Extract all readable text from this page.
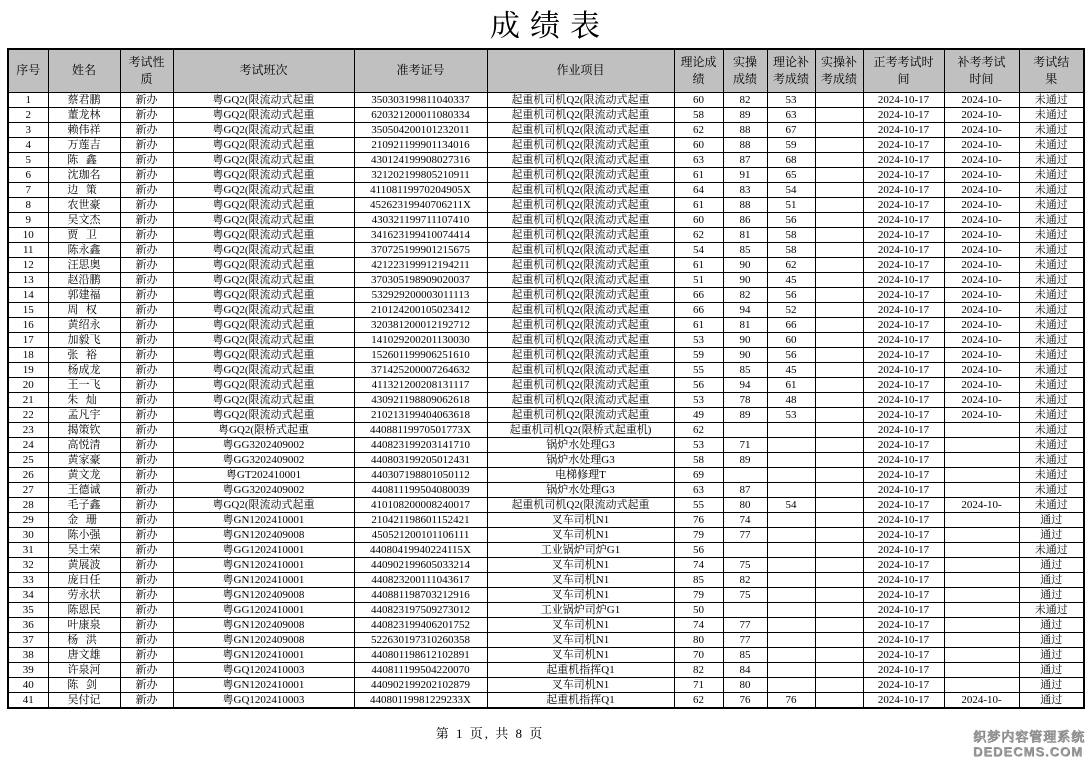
成绩表
序号	姓名	考试性质	考试班次	准考证号	作业项目	理论成绩	实操成绩	理论补考成绩	实操补考成绩	正考考试时间	补考考试时间	考试结果
1	蔡君鹏	新办	粤GQ2(限流动式起重	350303199811040337	起重机司机Q2(限流动式起重	60	82	53		2024-10-17	2024-10-	未通过
2	董龙林	新办	粤GQ2(限流动式起重	620321200011080334	起重机司机Q2(限流动式起重	58	89	63		2024-10-17	2024-10-	未通过
3	赖伟祥	新办	粤GQ2(限流动式起重	350504200101232011	起重机司机Q2(限流动式起重	62	88	67		2024-10-17	2024-10-	未通过
4	万莲吉	新办	粤GQ2(限流动式起重	210921199901134016	起重机司机Q2(限流动式起重	60	88	59		2024-10-17	2024-10-	未通过
5	陈鑫	新办	粤GQ2(限流动式起重	430124199908027316	起重机司机Q2(限流动式起重	63	87	68		2024-10-17	2024-10-	未通过
6	沈珈名	新办	粤GQ2(限流动式起重	321202199805210911	起重机司机Q2(限流动式起重	61	91	65		2024-10-17	2024-10-	未通过
7	边策	新办	粤GQ2(限流动式起重	41108119970204905X	起重机司机Q2(限流动式起重	64	83	54		2024-10-17	2024-10-	未通过
8	农世豪	新办	粤GQ2(限流动式起重	45262319940706211X	起重机司机Q2(限流动式起重	61	88	51		2024-10-17	2024-10-	未通过
9	吴文杰	新办	粤GQ2(限流动式起重	430321199711107410	起重机司机Q2(限流动式起重	60	86	56		2024-10-17	2024-10-	未通过
10	贾卫	新办	粤GQ2(限流动式起重	341623199410074414	起重机司机Q2(限流动式起重	62	81	58		2024-10-17	2024-10-	未通过
11	陈永鑫	新办	粤GQ2(限流动式起重	370725199901215675	起重机司机Q2(限流动式起重	54	85	58		2024-10-17	2024-10-	未通过
12	汪思奥	新办	粤GQ2(限流动式起重	421223199912194211	起重机司机Q2(限流动式起重	61	90	62		2024-10-17	2024-10-	未通过
13	赵沿鹏	新办	粤GQ2(限流动式起重	370305198909020037	起重机司机Q2(限流动式起重	51	90	45		2024-10-17	2024-10-	未通过
14	郭建福	新办	粤GQ2(限流动式起重	532929200003011113	起重机司机Q2(限流动式起重	66	82	56		2024-10-17	2024-10-	未通过
15	周权	新办	粤GQ2(限流动式起重	210124200105023412	起重机司机Q2(限流动式起重	66	94	52		2024-10-17	2024-10-	未通过
16	黄绍永	新办	粤GQ2(限流动式起重	320381200012192712	起重机司机Q2(限流动式起重	61	81	66		2024-10-17	2024-10-	未通过
17	加毅飞	新办	粤GQ2(限流动式起重	141029200201130030	起重机司机Q2(限流动式起重	53	90	60		2024-10-17	2024-10-	未通过
18	张裕	新办	粤GQ2(限流动式起重	152601199906251610	起重机司机Q2(限流动式起重	59	90	56		2024-10-17	2024-10-	未通过
19	杨成龙	新办	粤GQ2(限流动式起重	371425200007264632	起重机司机Q2(限流动式起重	55	85	45		2024-10-17	2024-10-	未通过
20	王一飞	新办	粤GQ2(限流动式起重	411321200208131117	起重机司机Q2(限流动式起重	56	94	61		2024-10-17	2024-10-	未通过
21	朱灿	新办	粤GQ2(限流动式起重	430921198809062618	起重机司机Q2(限流动式起重	53	78	48		2024-10-17	2024-10-	未通过
22	孟凡宇	新办	粤GQ2(限流动式起重	210213199404063618	起重机司机Q2(限流动式起重	49	89	53		2024-10-17	2024-10-	未通过
23	揭策钦	新办	粤GQ2(限桥式起重	44088119970501773X	起重机司机Q2(限桥式起重机)	62				2024-10-17		未通过
24	高悦清	新办	粤GG3202409002	440823199203141710	锅炉水处理G3	53	71			2024-10-17		未通过
25	黄家豪	新办	粤GG3202409002	440803199205012431	锅炉水处理G3	58	89			2024-10-17		未通过
26	黄文龙	新办	粤GT202410001	440307198801050112	电梯修理T	69				2024-10-17		未通过
27	王德诚	新办	粤GG3202409002	440811199504080039	锅炉水处理G3	63	87			2024-10-17		未通过
28	毛子鑫	新办	粤GQ2(限流动式起重	410108200008240017	起重机司机Q2(限流动式起重	55	80	54		2024-10-17	2024-10-	未通过
29	金珊	新办	粤GN1202410001	210421198601152421	叉车司机N1	76	74			2024-10-17		通过
30	陈小强	新办	粤GN1202409008	450521200101106111	叉车司机N1	79	77			2024-10-17		通过
31	吴土荣	新办	粤GG1202410001	44080419940224115X	工业锅炉司炉G1	56				2024-10-17		未通过
32	黄展波	新办	粤GN1202410001	440902199605033214	叉车司机N1	74	75			2024-10-17		通过
33	庞日任	新办	粤GN1202410001	440823200111043617	叉车司机N1	85	82			2024-10-17		通过
34	劳永状	新办	粤GN1202409008	440881198703212916	叉车司机N1	79	75			2024-10-17		通过
35	陈恩民	新办	粤GG1202410001	440823197509273012	工业锅炉司炉G1	50				2024-10-17		未通过
36	叶康泉	新办	粤GN1202409008	440823199406201752	叉车司机N1	74	77			2024-10-17		通过
37	杨洪	新办	粤GN1202409008	522630197310260358	叉车司机N1	80	77			2024-10-17		通过
38	唐文雄	新办	粤GN1202410001	440801198612102891	叉车司机N1	70	85			2024-10-17		通过
39	许泉河	新办	粤GQ1202410003	440811199504220070	起重机指挥Q1	82	84			2024-10-17		通过
40	陈剑	新办	粤GN1202410001	440902199202102879	叉车司机N1	71	80			2024-10-17		通过
41	吴付记	新办	粤GQ1202410003	44080119981229233X	起重机指挥Q1	62	76	76		2024-10-17	2024-10-	通过
第 1 页, 共 8 页	织梦内容管理系统
DEDECMS.COM
